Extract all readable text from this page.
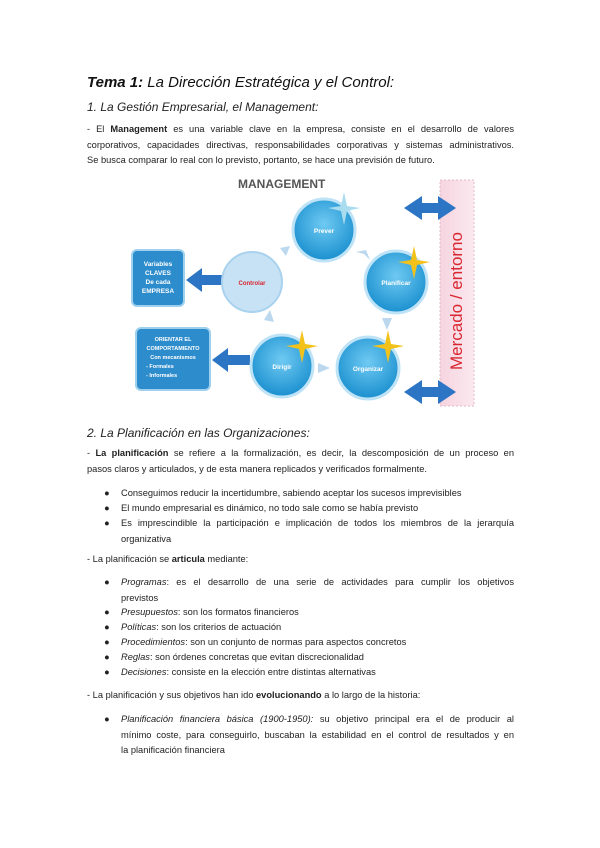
Tema 1: La Dirección Estratégica y el Control:
1. La Gestión Empresarial, el Management:
- El Management es una variable clave en la empresa, consiste en el desarrollo de valores
corporativos, capacidades directivas, responsabilidades corporativas y sistemas administrativos.
Se busca comparar lo real con lo previsto, portanto, se hace una previsión de futuro.
MANAGEMENT
Mercado / entorno
Variables
CLAVES
De cada
EMPRESA
ORIENTAR EL
COMPORTAMIENTO
Con mecanismos
- Formales
- Informales
Controlar
Prever
Planificar
Organizar
Dirigir
2. La Planificación en las Organizaciones:
- La planificación se refiere a la formalización, es decir, la descomposición de un proceso en
pasos claros y articulados, y de esta manera replicados y verificados formalmente.
● Conseguimos reducir la incertidumbre, sabiendo aceptar los sucesos imprevisibles
● El mundo empresarial es dinámico, no todo sale como se había previsto
● Es imprescindible la participación e implicación de todos los miembros de la jerarquía
organizativa
- La planificación se articula mediante:
● Programas: es el desarrollo de una serie de actividades para cumplir los objetivos
previstos
● Presupuestos: son los formatos financieros
● Políticas: son los criterios de actuación
● Procedimientos: son un conjunto de normas para aspectos concretos
● Reglas: son órdenes concretas que evitan discrecionalidad
● Decisiones: consiste en la elección entre distintas alternativas
- La planificación y sus objetivos han ido evolucionando a lo largo de la historia:
● Planificación financiera básica (1900-1950): su objetivo principal era el de producir al
mínimo coste, para conseguirlo, buscaban la estabilidad en el control de resultados y en
la planificación financiera
